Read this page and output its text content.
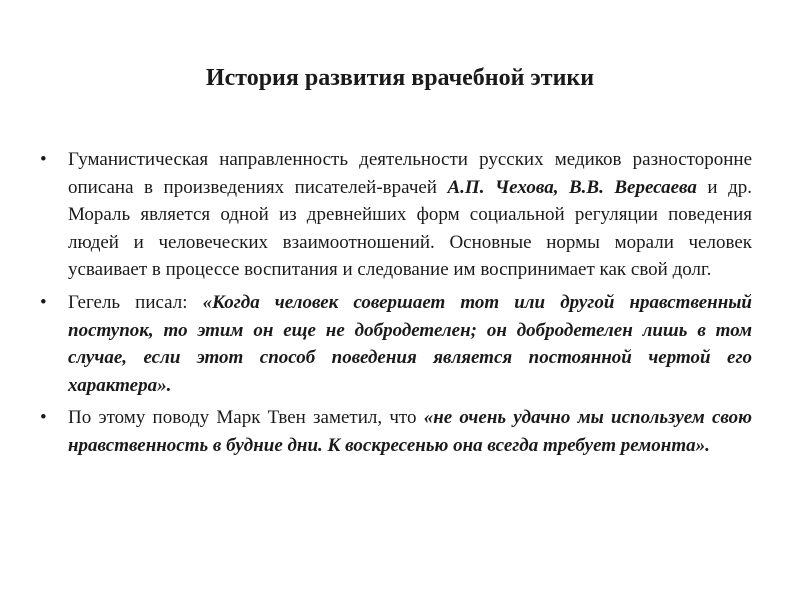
История развития врачебной этики
• Гуманистическая направленность деятельности русских медиков разносторонне описана в произведениях писателей-врачей А.П. Чехова, В.В. Вересаева и др. Мораль является одной из древнейших форм социальной регуляции поведения людей и человеческих взаимоотношений. Основные нормы морали человек усваивает в процессе воспитания и следование им воспринимает как свой долг.
• Гегель писал: «Когда человек совершает тот или другой нравственный поступок, то этим он еще не добродетелен; он добродетелен лишь в том случае, если этот способ поведения является постоянной чертой его характера».
• По этому поводу Марк Твен заметил, что «не очень удачно мы используем свою нравственность в будние дни. К воскресенью она всегда требует ремонта».
